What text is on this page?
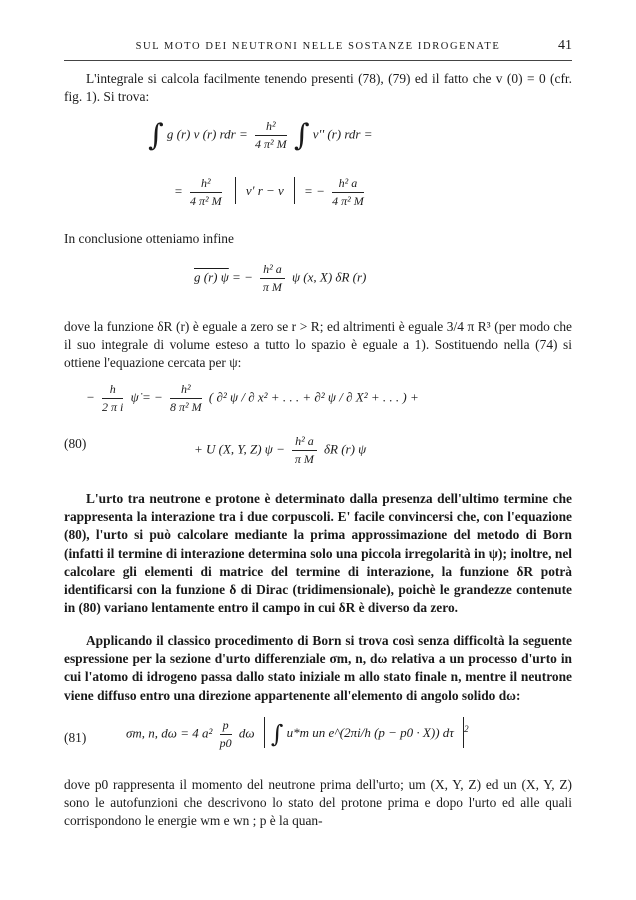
SUL MOTO DEI NEUTRONI NELLE SOSTANZE IDROGENATE	41

L'integrale si calcola facilmente tenendo presenti (78), (79) ed il fatto che v (0) = 0 (cfr. fig. 1). Si trova:

∫ g (r) v (r) rdr = $\frac{\text{h²}}{\text{4 π² M}}$ ∫ v'' (r) rdr =
= $\frac{\text{h²}}{\text{4 π² M}} v'$ r − v = − $\frac{\text{h² a}}{\text{4 π² M}}$

In conclusione otteniamo infine

g (r) ψ = − $\frac{\text{h² a}}{\text{π M}}$ ψ (x, X) δR (r)

dove la funzione δR (r) è eguale a zero se r > R; ed altrimenti è eguale 3/4 π R³ (per modo che il suo integrale di volume esteso a tutto lo spazio è eguale a 1). Sostituendo nella (74) si ottiene l'equazione cercata per ψ:

− $\frac{h}{\text{2 π i}}$ ψ̇ = − $\frac{\text{h²}}{\text{8 π² M}}$ ( ∂² ψ / ∂ x² + . . . + ∂² ψ / ∂ X² + . . . ) +
(80)	+ U (X, Y, Z) $\psi - \frac{\text{h² a}}{\text{π M}}$ δR (r) ψ

L'urto tra neutrone e protone è determinato dalla presenza dell'ultimo termine che rappresenta la interazione tra i due corpuscoli. E' facile convincersi che, con l'equazione (80), l'urto si può calcolare mediante la prima approssimazione del metodo di Born (infatti il termine di interazione determina solo una piccola irregolarità in ψ); inoltre, nel calcolare gli elementi di matrice del termine di interazione, la funzione δR potrà identificarsi con la funzione δ di Dirac (tridimensionale), poichè le grandezze contenute in (80) variano lentamente entro il campo in cui δR è diverso da zero.

Applicando il classico procedimento di Born si trova così senza difficoltà la seguente espressione per la sezione d'urto differenziale σm, n, dω relativa a un processo d'urto in cui l'atomo di idrogeno passa dallo stato iniziale m allo stato finale n, mentre il neutrone viene diffuso entro una direzione appartenente all'elemento di angolo solido dω:

(81)	σm, n, dω = 4 $a^2 \frac{p}{p0}$ dω ∫ u*m un e^(2πi/h (p − p0 · X)) dτ $^2$

dove p0 rappresenta il momento del neutrone prima dell'urto; um (X, Y, Z) ed un (X, Y, Z) sono le autofunzioni che descrivono lo stato del protone prima e dopo l'urto ed alle quali corrispondono le energie wm e wn ; p è la quan-
